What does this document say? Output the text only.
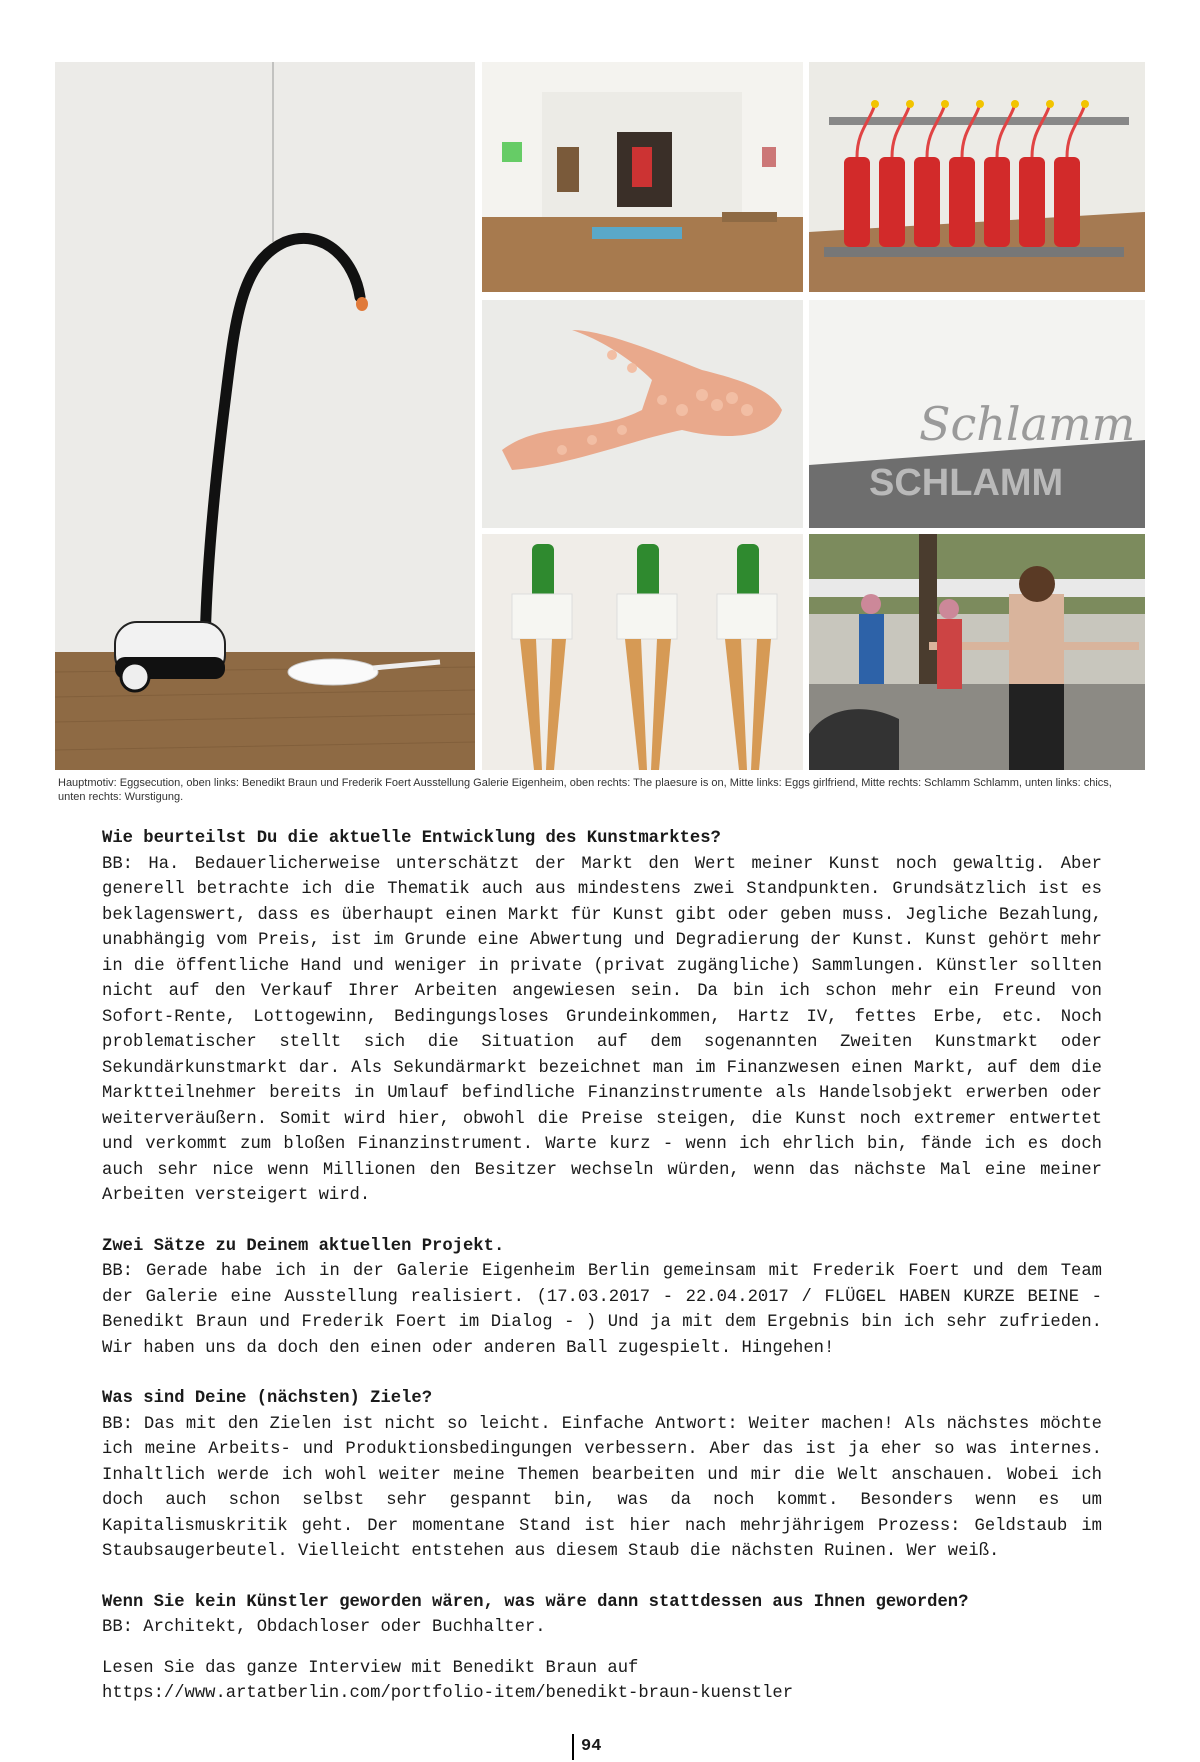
Schlamm
SCHLAMM
Hauptmotiv: Eggsecution, oben links: Benedikt Braun und Frederik Foert Ausstellung Galerie Eigenheim, oben rechts: The plaesure is on, Mitte links: Eggs girlfriend, Mitte rechts: Schlamm Schlamm, unten links: chics, unten rechts: Wurstigung.

Wie beurteilst Du die aktuelle Entwicklung des Kunstmarktes?

BB: Ha. Bedauerlicherweise unterschätzt der Markt den Wert meiner Kunst noch gewaltig. Aber generell betrachte ich die Thematik auch aus mindestens zwei Standpunkten. Grundsätzlich ist es beklagenswert, dass es überhaupt einen Markt für Kunst gibt oder geben muss. Jegliche Bezahlung, unabhängig vom Preis, ist im Grunde eine Abwertung und Degradierung der Kunst. Kunst gehört mehr in die öffentliche Hand und weniger in private (privat zugängliche) Sammlungen. Künstler sollten nicht auf den Verkauf Ihrer Arbeiten angewiesen sein. Da bin ich schon mehr ein Freund von Sofort-Rente, Lottogewinn, Bedingungsloses Grundeinkommen, Hartz IV, fettes Erbe, etc. Noch problematischer stellt sich die Situation auf dem sogenannten Zweiten Kunstmarkt oder Sekundärkunstmarkt dar. Als Sekundärmarkt bezeichnet man im Finanzwesen einen Markt, auf dem die Marktteilnehmer bereits in Umlauf befindliche Finanzinstrumente als Handelsobjekt erwerben oder weiterveräußern. Somit wird hier, obwohl die Preise steigen, die Kunst noch extremer entwertet und verkommt zum bloßen Finanzinstrument. Warte kurz - wenn ich ehrlich bin, fände ich es doch auch sehr nice wenn Millionen den Besitzer wechseln würden, wenn das nächste Mal eine meiner Arbeiten versteigert wird.

Zwei Sätze zu Deinem aktuellen Projekt.

BB: Gerade habe ich in der Galerie Eigenheim Berlin gemeinsam mit Frederik Foert und dem Team der Galerie eine Ausstellung realisiert. (17.03.2017 - 22.04.2017 / FLÜGEL HABEN KURZE BEINE - Benedikt Braun und Frederik Foert im Dialog - ) Und ja mit dem Ergebnis bin ich sehr zufrieden. Wir haben uns da doch den einen oder anderen Ball zugespielt. Hingehen!

Was sind Deine (nächsten) Ziele?

BB: Das mit den Zielen ist nicht so leicht. Einfache Antwort: Weiter machen! Als nächstes möchte ich meine Arbeits- und Produktionsbedingungen verbessern. Aber das ist ja eher so was internes. Inhaltlich werde ich wohl weiter meine Themen bearbeiten und mir die Welt anschauen. Wobei ich doch auch schon selbst sehr gespannt bin, was da noch kommt. Besonders wenn es um Kapitalismuskritik geht. Der momentane Stand ist hier nach mehrjährigem Prozess: Geldstaub im Staubsaugerbeutel. Vielleicht entstehen aus diesem Staub die nächsten Ruinen. Wer weiß.

Wenn Sie kein Künstler geworden wären, was wäre dann stattdessen aus Ihnen geworden?

BB: Architekt, Obdachloser oder Buchhalter.

Lesen Sie das ganze Interview mit Benedikt Braun auf

https://www.artatberlin.com/portfolio-item/benedikt-braun-kuenstler

94
